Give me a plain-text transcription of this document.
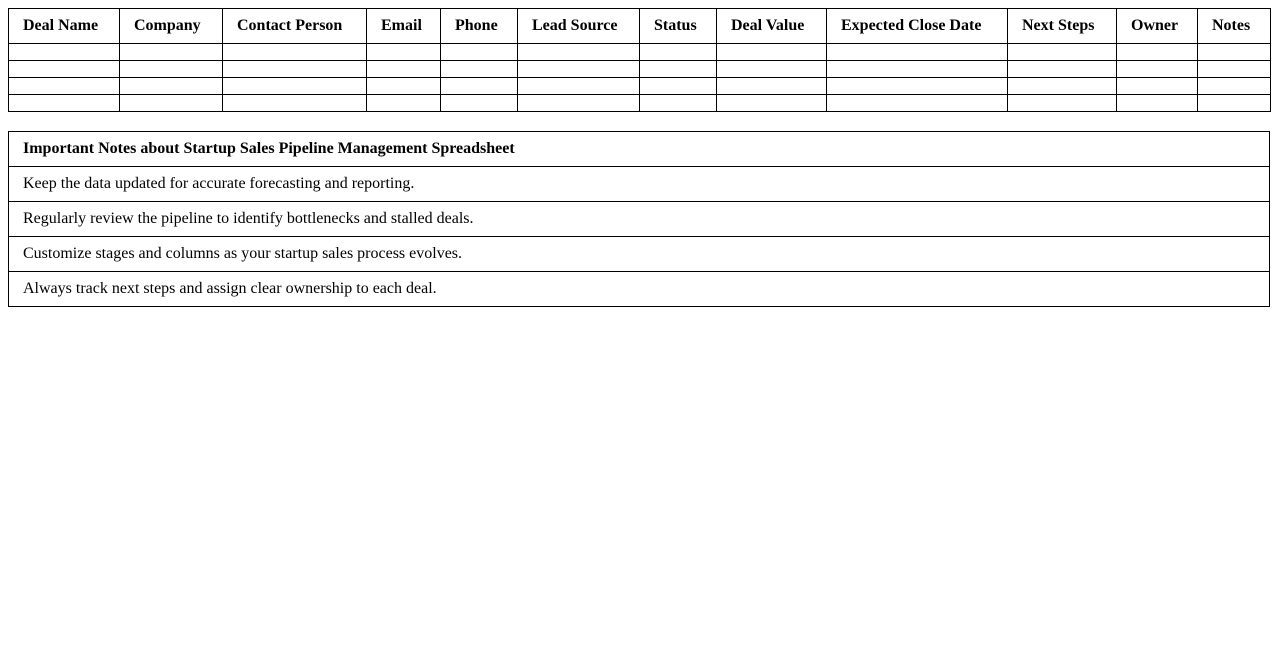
Deal Name	Company	Contact Person	Email	Phone	Lead Source	Status	Deal Value	Expected Close Date	Next Steps	Owner	Notes

Important Notes about Startup Sales Pipeline Management Spreadsheet
Keep the data updated for accurate forecasting and reporting.
Regularly review the pipeline to identify bottlenecks and stalled deals.
Customize stages and columns as your startup sales process evolves.
Always track next steps and assign clear ownership to each deal.
